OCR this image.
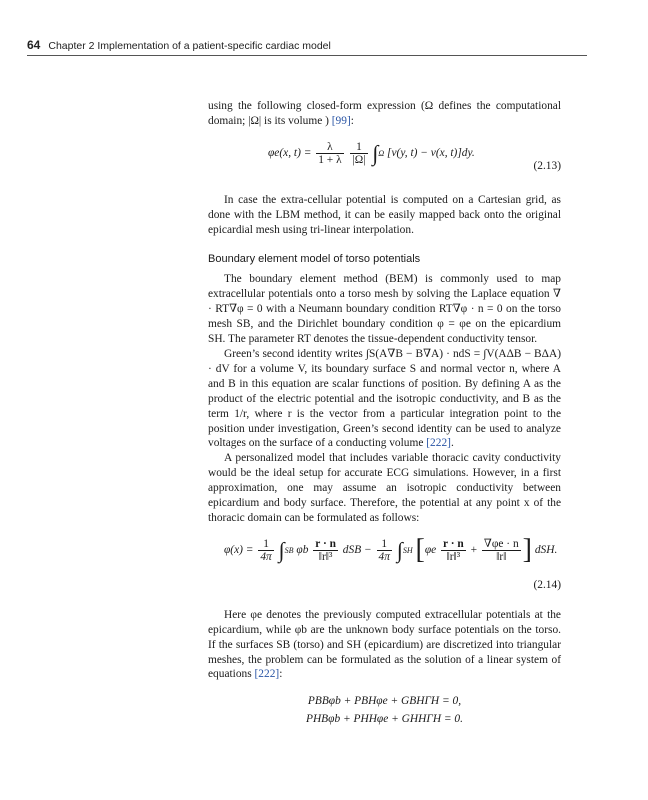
64 Chapter 2 Implementation of a patient-specific cardiac model

using the following closed-form expression (Ω defines the computational domain; |Ω| is its volume ) [99]:

φe(x, $t) = \frac{\lambda}{1 + \lambda}$
$\frac{1}{|\Omega|} \int\Omega$ [v(y, t) − v(x, t)]dy.
(2.13)

In case the extra-cellular potential is computed on a Cartesian grid, as done with the LBM method, it can be easily mapped back onto the original epicardial mesh using tri-linear interpolation.

Boundary element model of torso potentials

The boundary element method (BEM) is commonly used to map extracellular potentials onto a torso mesh by solving the Laplace equation ∇ · RT∇φ = 0 with a Neumann boundary condition RT∇φ · n = 0 on the torso mesh SB, and the Dirichlet boundary condition φ = φe on the epicardium SH. The parameter RT denotes the tissue-dependent conductivity tensor.

Green’s second identity writes ∫S(A∇B − B∇A) · ndS = ∫V(AΔB − BΔA) · dV for a volume V, its boundary surface S and normal vector n, where A and B in this equation are scalar functions of position. By defining A as the product of the electric potential and the isotropic conductivity, and B as the term 1/r, where r is the vector from a particular integration point to the position under investigation, Green’s second identity can be used to analyze voltages on the surface of a conducting volume [222].

A personalized model that includes variable thoracic cavity conductivity would be the ideal setup for accurate ECG simulations. However, in a first approximation, one may assume an isotropic conductivity between epicardium and body surface. Therefore, the potential at any point x of the thoracic domain can be formulated as follows:

$\varphi(x) = \frac{1}{4\pi} \int SB$ φb $\frac{r \cdot n}{\text{‖r‖³}}$ dSB − $\frac{1}{4\pi} \int SH$ [$\varphi e \frac{r \cdot n}{\text{‖r‖³}} + \frac{\nabla\varphi e \cdot n}{‖r‖}$ ] dSH.
(2.14)

Here φe denotes the previously computed extracellular potentials at the epicardium, while φb are the unknown body surface potentials on the torso. If the surfaces SB (torso) and SH (epicardium) are discretized into triangular meshes, the problem can be formulated as the solution of a linear system of equations [222]:

PBBφb + PBHφe + GBHΓH = 0,
PHBφb + PHHφe + GHHΓH = 0.
